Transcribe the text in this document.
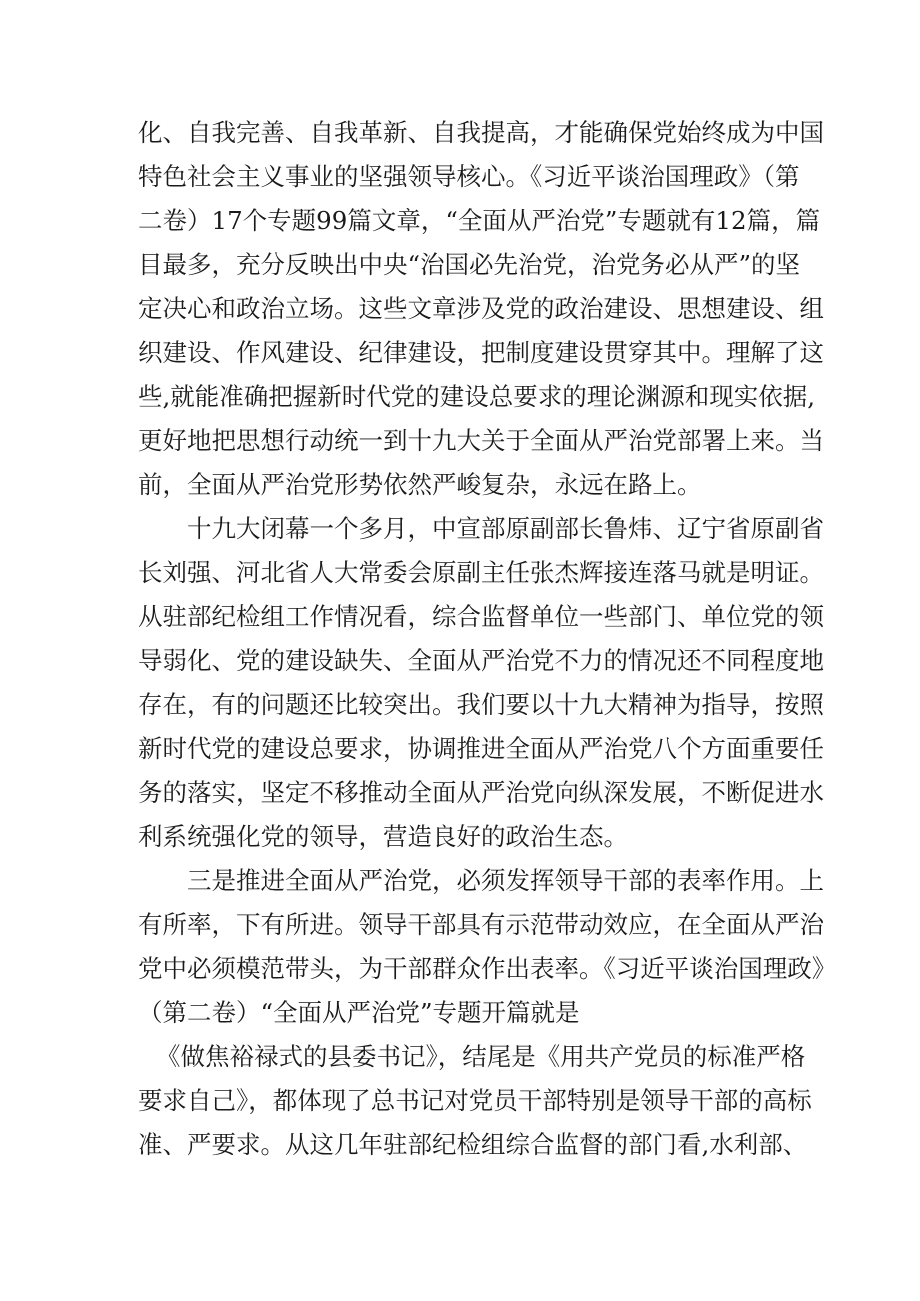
化、自我完善、自我革新、自我提高，才能确保党始终成为中国
特色社会主义事业的坚强领导核心。《习近平谈治国理政》（第
二卷）17个专题99篇文章，“全面从严治党”专题就有12篇，篇
目最多，充分反映出中央“治国必先治党，治党务必从严”的坚
定决心和政治立场。这些文章涉及党的政治建设、思想建设、组
织建设、作风建设、纪律建设，把制度建设贯穿其中。理解了这
些,就能准确把握新时代党的建设总要求的理论渊源和现实依据,
更好地把思想行动统一到十九大关于全面从严治党部署上来。当
前，全面从严治党形势依然严峻复杂，永远在路上。
十九大闭幕一个多月，中宣部原副部长鲁炜、辽宁省原副省
长刘强、河北省人大常委会原副主任张杰辉接连落马就是明证。
从驻部纪检组工作情况看，综合监督单位一些部门、单位党的领
导弱化、党的建设缺失、全面从严治党不力的情况还不同程度地
存在，有的问题还比较突出。我们要以十九大精神为指导，按照
新时代党的建设总要求，协调推进全面从严治党八个方面重要任
务的落实，坚定不移推动全面从严治党向纵深发展，不断促进水
利系统强化党的领导，营造良好的政治生态。
三是推进全面从严治党，必须发挥领导干部的表率作用。上
有所率，下有所进。领导干部具有示范带动效应，在全面从严治
党中必须模范带头，为干部群众作出表率。《习近平谈治国理政》
（第二卷）“全面从严治党”专题开篇就是
《做焦裕禄式的县委书记》，结尾是《用共产党员的标准严格
要求自己》，都体现了总书记对党员干部特别是领导干部的高标
准、严要求。从这几年驻部纪检组综合监督的部门看,水利部、
